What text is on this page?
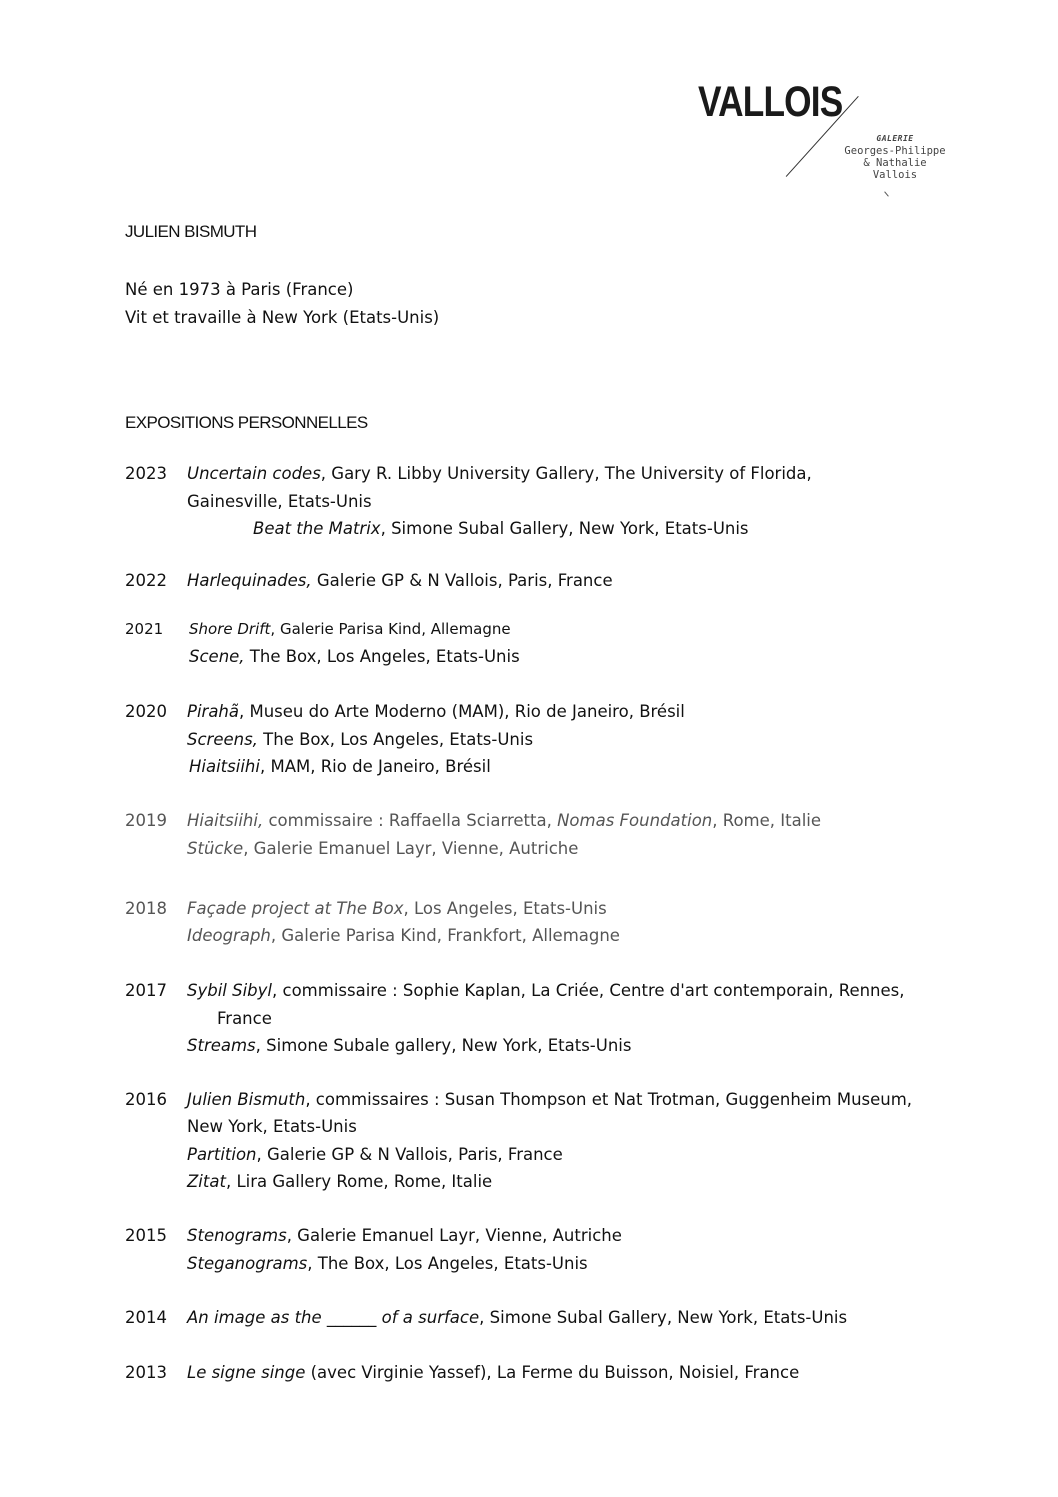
VALLOIS
GALERIE
Georges-Philippe
& Nathalie
Vallois
JULIEN BISMUTH
Né en 1973 à Paris (France)
Vit et travaille à New York (Etats-Unis)
EXPOSITIONS PERSONNELLES
2023 Uncertain codes, Gary R. Libby University Gallery, The University of Florida,
Gainesville, Etats-Unis
Beat the Matrix, Simone Subal Gallery, New York, Etats-Unis
2022 Harlequinades, Galerie GP & N Vallois, Paris, France
2021 Shore Drift, Galerie Parisa Kind, Allemagne
Scene, The Box, Los Angeles, Etats-Unis
2020 Pirahã, Museu do Arte Moderno (MAM), Rio de Janeiro, Brésil
Screens, The Box, Los Angeles, Etats-Unis
Hiaitsiihi, MAM, Rio de Janeiro, Brésil
2019 Hiaitsiihi, commissaire : Raffaella Sciarretta, Nomas Foundation, Rome, Italie
Stücke, Galerie Emanuel Layr, Vienne, Autriche
2018 Façade project at The Box, Los Angeles, Etats-Unis
Ideograph, Galerie Parisa Kind, Frankfort, Allemagne
2017 Sybil Sibyl, commissaire : Sophie Kaplan, La Criée, Centre d'art contemporain, Rennes,
France
Streams, Simone Subale gallery, New York, Etats-Unis
2016 Julien Bismuth, commissaires : Susan Thompson et Nat Trotman, Guggenheim Museum,
New York, Etats-Unis
Partition, Galerie GP & N Vallois, Paris, France
Zitat, Lira Gallery Rome, Rome, Italie
2015 Stenograms, Galerie Emanuel Layr, Vienne, Autriche
Steganograms, The Box, Los Angeles, Etats-Unis
2014 An image as the ______ of a surface, Simone Subal Gallery, New York, Etats-Unis
2013 Le signe singe (avec Virginie Yassef), La Ferme du Buisson, Noisiel, France
